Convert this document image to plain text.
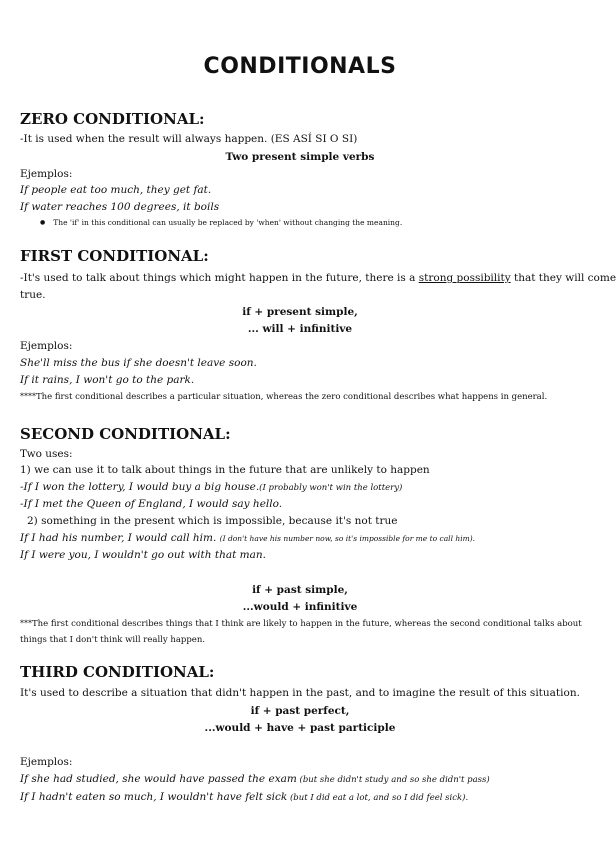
CONDITIONALS
ZERO CONDITIONAL:
-It is used when the result will always happen. (ES ASÍ SI O SI)
Two present simple verbs
Ejemplos:
If people eat too much, they get fat.
If water reaches 100 degrees, it boils
● The 'if' in this conditional can usually be replaced by 'when' without changing the meaning.
FIRST CONDITIONAL:
-It's used to talk about things which might happen in the future, there is a strong possibility that they will come
true.
if + present simple,
... will + infinitive
Ejemplos:
She'll miss the bus if she doesn't leave soon.
If it rains, I won't go to the park.
****The first conditional describes a particular situation, whereas the zero conditional describes what happens in general.
SECOND CONDITIONAL:
Two uses:
1) we can use it to talk about things in the future that are unlikely to happen
-If I won the lottery, I would buy a big house.(I probably won't win the lottery)
-If I met the Queen of England, I would say hello.
2) something in the present which is impossible, because it's not true
If I had his number, I would call him. (I don't have his number now, so it's impossible for me to call him).
If I were you, I wouldn't go out with that man.
if + past simple,
...would + infinitive
***The first conditional describes things that I think are likely to happen in the future, whereas the second conditional talks about things that I don't think will really happen.
THIRD CONDITIONAL:
It's used to describe a situation that didn't happen in the past, and to imagine the result of this situation.
if + past perfect,
...would + have + past participle
Ejemplos:
If she had studied, she would have passed the exam (but she didn't study and so she didn't pass)
If I hadn't eaten so much, I wouldn't have felt sick (but I did eat a lot, and so I did feel sick).
